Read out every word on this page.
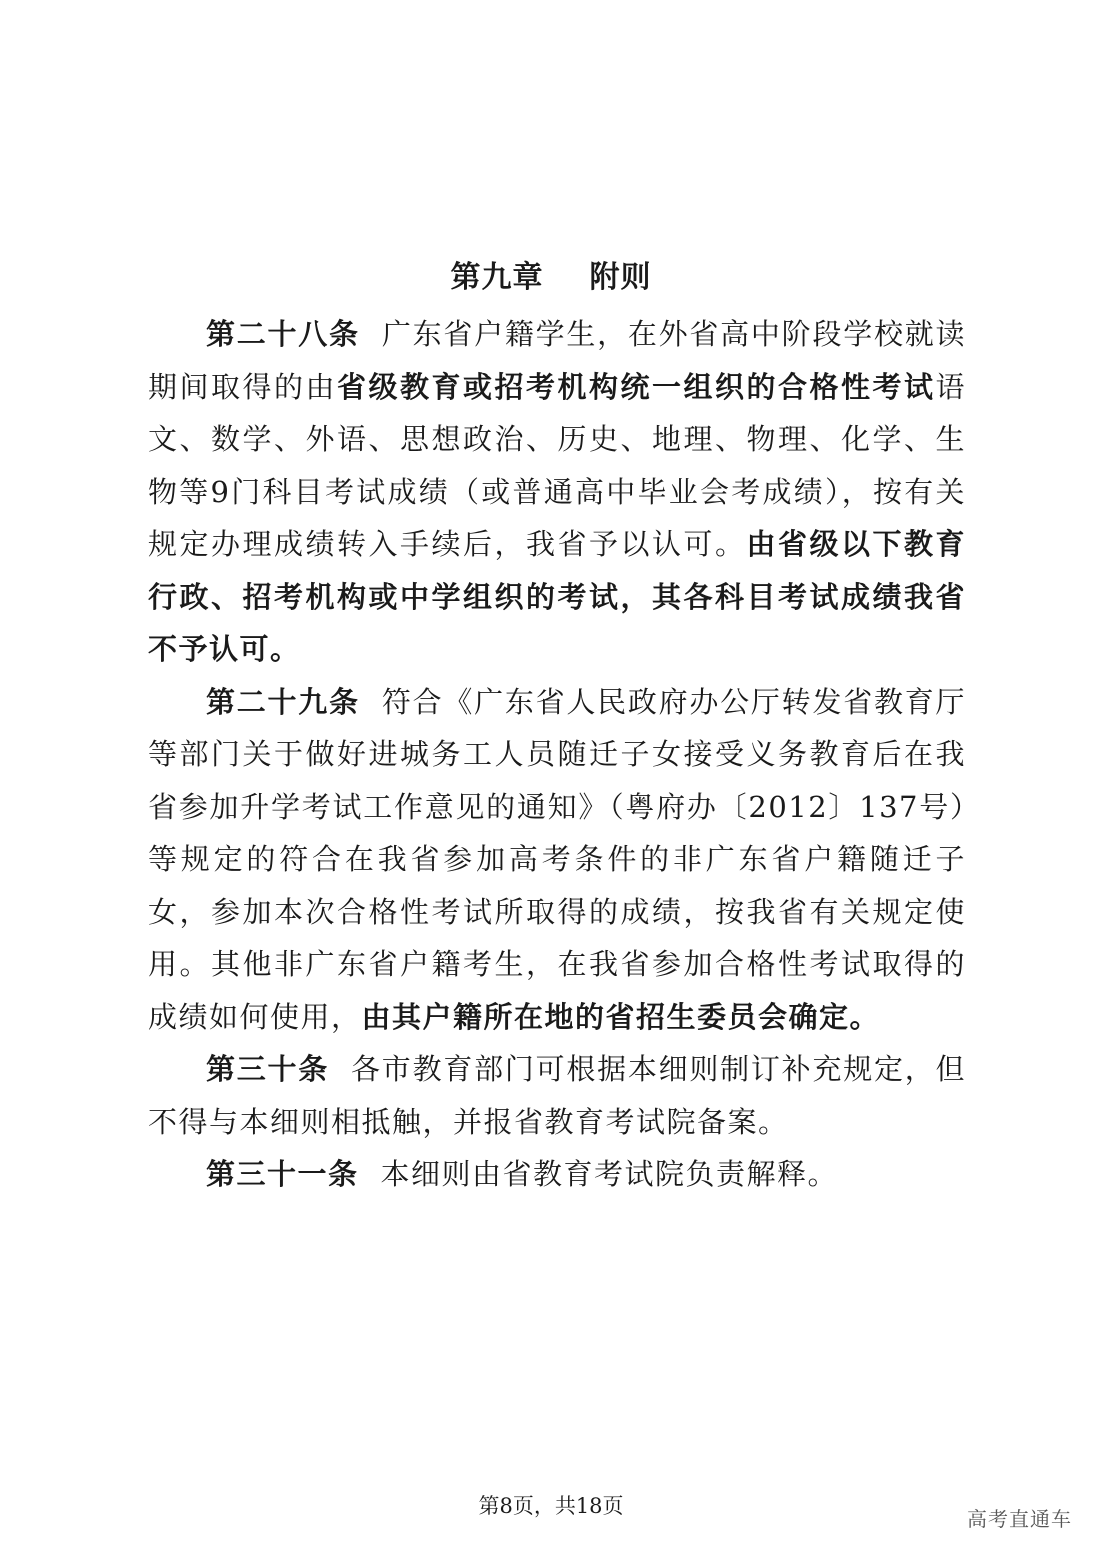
第九章 附则

第二十八条 广东省户籍学生，在外省高中阶段学校就读期间取得的由省级教育或招考机构统一组织的合格性考试语文、数学、外语、思想政治、历史、地理、物理、化学、生物等9门科目考试成绩（或普通高中毕业会考成绩），按有关规定办理成绩转入手续后，我省予以认可。由省级以下教育行政、招考机构或中学组织的考试，其各科目考试成绩我省不予认可。

第二十九条 符合《广东省人民政府办公厅转发省教育厅等部门关于做好进城务工人员随迁子女接受义务教育后在我省参加升学考试工作意见的通知》（粤府办〔2012〕137号）等规定的符合在我省参加高考条件的非广东省户籍随迁子女，参加本次合格性考试所取得的成绩，按我省有关规定使用。其他非广东省户籍考生，在我省参加合格性考试取得的成绩如何使用，由其户籍所在地的省招生委员会确定。

第三十条 各市教育部门可根据本细则制订补充规定，但不得与本细则相抵触，并报省教育考试院备案。

第三十一条 本细则由省教育考试院负责解释。

第8页，共18页
高考直通车
